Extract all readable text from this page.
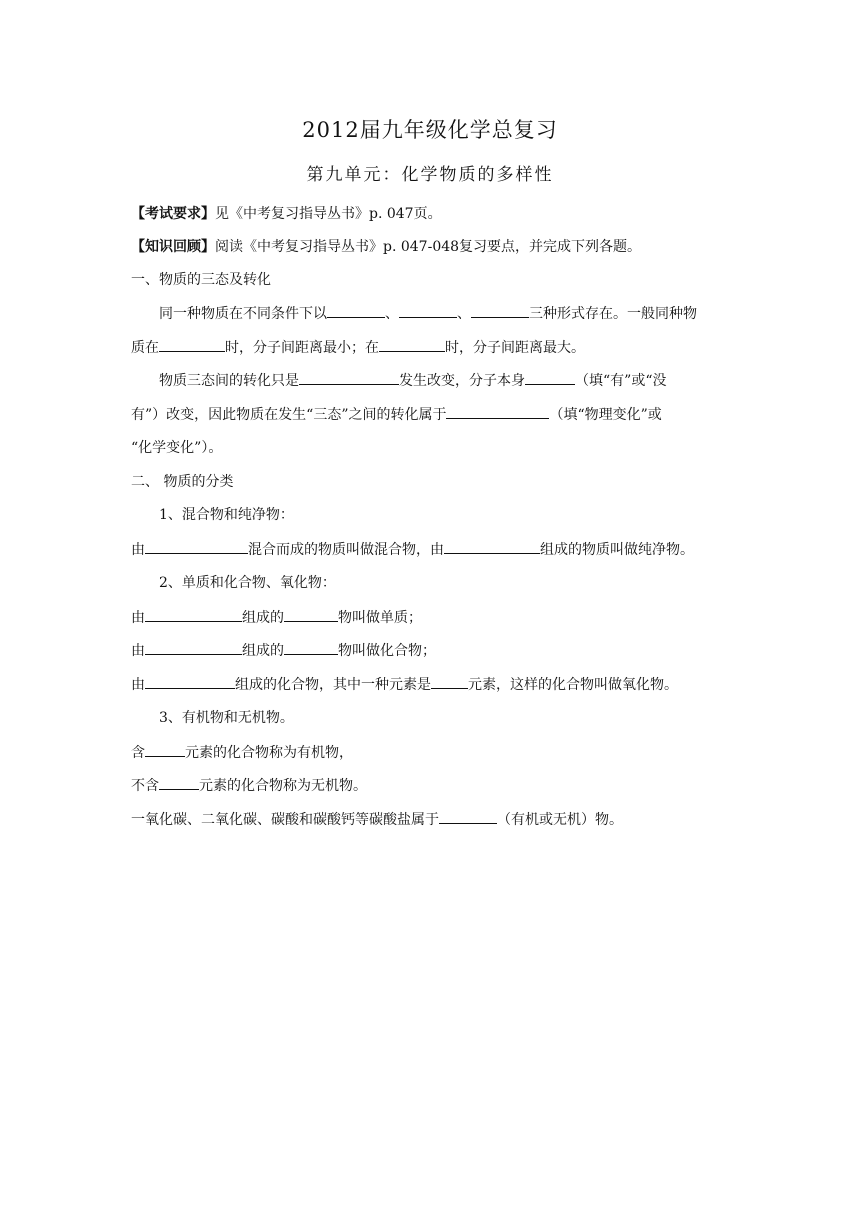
2012届九年级化学总复习
第九单元：化学物质的多样性
【考试要求】见《中考复习指导丛书》p. 047页。
【知识回顾】阅读《中考复习指导丛书》p. 047-048复习要点，并完成下列各题。
一、物质的三态及转化
同一种物质在不同条件下以	、	、	三种形式存在。一般同种物
质在	时，分子间距离最小；在	时，分子间距离最大。
物质三态间的转化只是	发生改变，分子本身	（填“有”或“没
有”）改变，因此物质在发生“三态”之间的转化属于	（填“物理变化”或
“化学变化”）。
二、 物质的分类
1、混合物和纯净物：
由	混合而成的物质叫做混合物，由	组成的物质叫做纯净物。
2、单质和化合物、氧化物：
由	组成的	物叫做单质；
由	组成的	物叫做化合物；
由	组成的化合物，其中一种元素是	元素，这样的化合物叫做氧化物。
3、有机物和无机物。
含	元素的化合物称为有机物，
不含	元素的化合物称为无机物。
一氧化碳、二氧化碳、碳酸和碳酸钙等碳酸盐属于	（有机或无机）物。
